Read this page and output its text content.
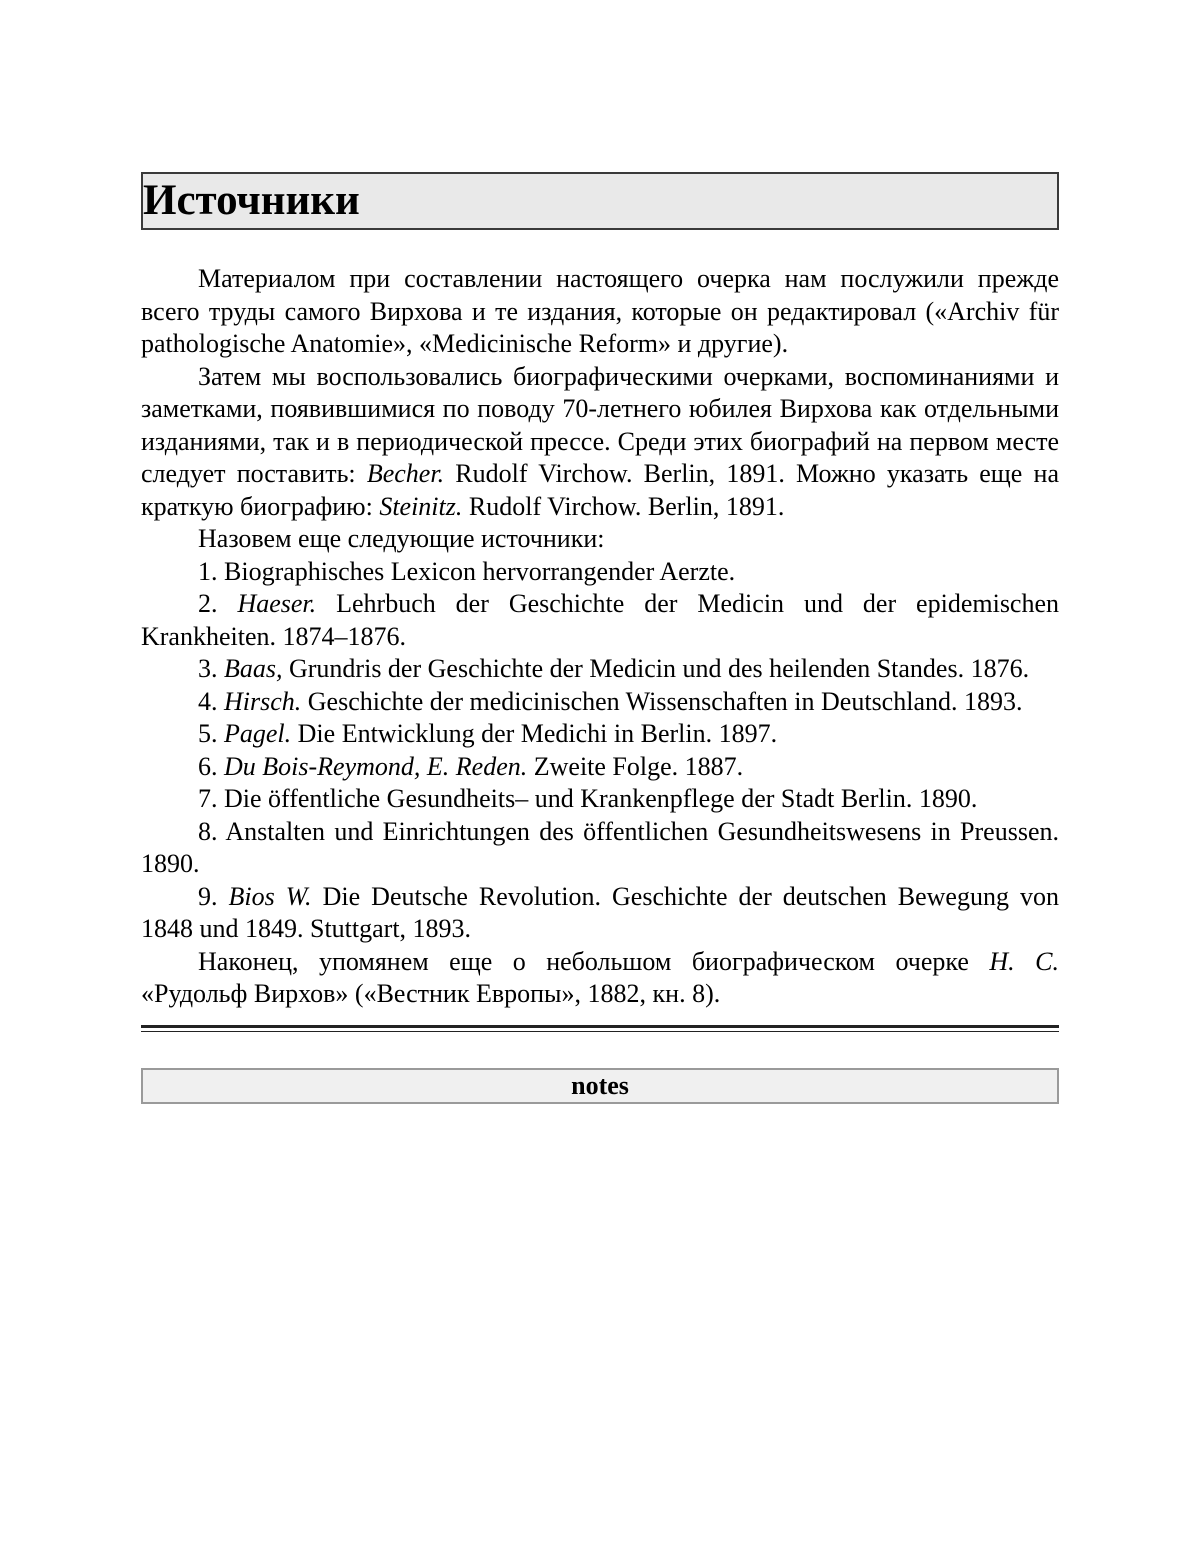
Источники

Материалом при составлении настоящего очерка нам послужили прежде всего труды самого Вирхова и те издания, которые он редактировал («Archiv für pathologische Anatomie», «Medicinische Reform» и другие).

Затем мы воспользовались биографическими очерками, воспоминаниями и заметками, появившимися по поводу 70-летнего юбилея Вирхова как отдельными изданиями, так и в периодической прессе. Среди этих биографий на первом месте следует поставить: Becher. Rudolf Virchow. Berlin, 1891. Можно указать еще на краткую биографию: Steinitz. Rudolf Virchow. Berlin, 1891.

Назовем еще следующие источники:

1. Biographisches Lexicon hervorrangender Aerzte.

2. Haeser. Lehrbuch der Geschichte der Medicin und der epidemischen Krankheiten. 1874–1876.

3. Baas, Grundris der Geschichte der Medicin und des heilenden Standes. 1876.

4. Hirsch. Geschichte der medicinischen Wissenschaften in Deutschland. 1893.

5. Pagel. Die Entwicklung der Medichi in Berlin. 1897.

6. Du Bois-Reymond, E. Reden. Zweite Folge. 1887.

7. Die öffentliche Gesundheits– und Krankenpflege der Stadt Berlin. 1890.

8. Anstalten und Einrichtungen des öffentlichen Gesundheitswesens in Preussen. 1890.

9. Bios W. Die Deutsche Revolution. Geschichte der deutschen Bewegung von 1848 und 1849. Stuttgart, 1893.

Наконец, упомянем еще о небольшом биографическом очерке Н. С. «Рудольф Вирхов» («Вестник Европы», 1882, кн. 8).

notes
